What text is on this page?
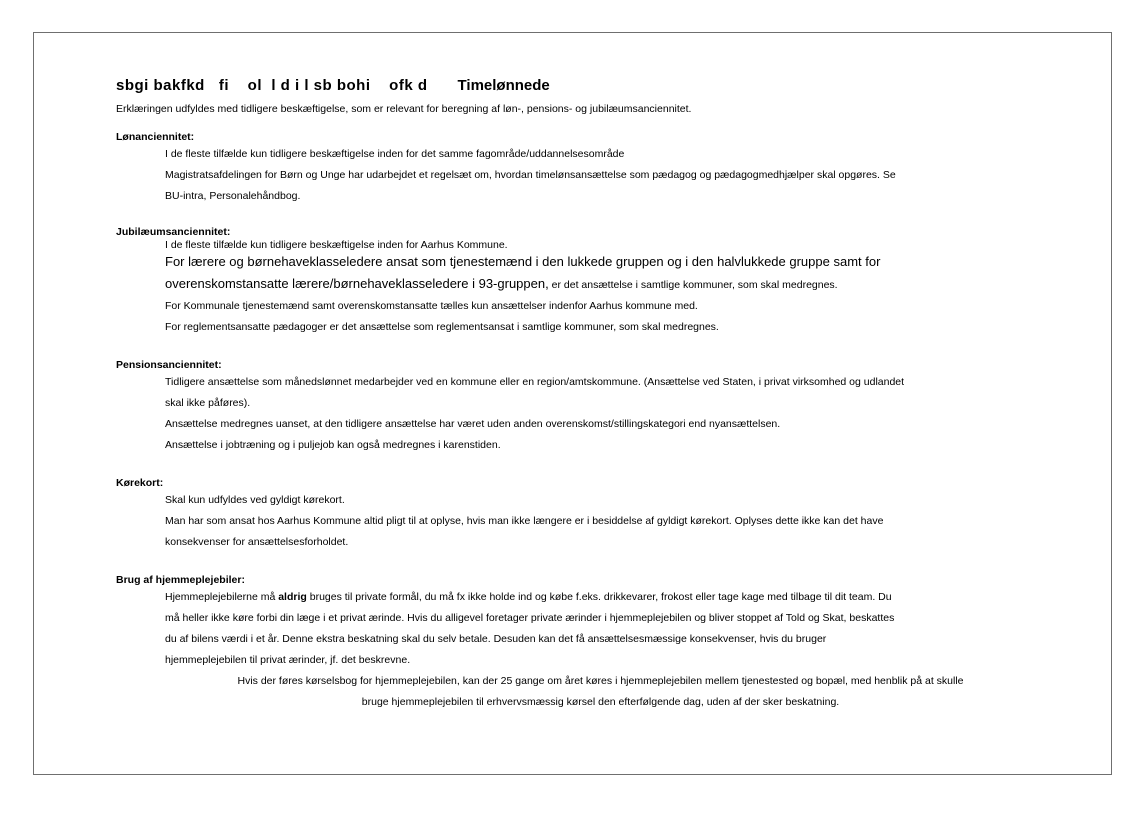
sbgi bakfkd   fi    ol  l d i l sb bohi    ofk d Timelønnede
Erklæringen udfyldes med tidligere beskæftigelse, som er relevant for beregning af løn-, pensions- og jubilæumsanciennitet.
Lønanciennitet:
I de fleste tilfælde kun tidligere beskæftigelse inden for det samme fagområde/uddannelsesområde
Magistratsafdelingen for Børn og Unge har udarbejdet et regelsæt om, hvordan timelønsansættelse som pædagog og pædagogmedhjælper skal opgøres. Se
BU-intra, Personalehåndbog.
Jubilæumsanciennitet:
I de fleste tilfælde kun tidligere beskæftigelse inden for Aarhus Kommune.
For lærere og børnehaveklasseledere ansat som tjenestemænd i den lukkede gruppen og i den halvlukkede gruppe samt for
overenskomstansatte lærere/børnehaveklasseledere i 93-gruppen, er det ansættelse i samtlige kommuner, som skal medregnes.
For Kommunale tjenestemænd samt overenskomstansatte tælles kun ansættelser indenfor Aarhus kommune med.
For reglementsansatte pædagoger er det ansættelse som reglementsansat i samtlige kommuner, som skal medregnes.
Pensionsanciennitet:
Tidligere ansættelse som månedslønnet medarbejder ved en kommune eller en region/amtskommune. (Ansættelse ved Staten, i privat virksomhed og udlandet
skal ikke påføres).
Ansættelse medregnes uanset, at den tidligere ansættelse har været uden anden overenskomst/stillingskategori end nyansættelsen.
Ansættelse i jobtræning og i puljejob kan også medregnes i karenstiden.
Kørekort:
Skal kun udfyldes ved gyldigt kørekort.
Man har som ansat hos Aarhus Kommune altid pligt til at oplyse, hvis man ikke længere er i besiddelse af gyldigt kørekort. Oplyses dette ikke kan det have
konsekvenser for ansættelsesforholdet.
Brug af hjemmeplejebiler:
Hjemmeplejebilerne må aldrig bruges til private formål, du må fx ikke holde ind og købe f.eks. drikkevarer, frokost eller tage kage med tilbage til dit team. Du
må heller ikke køre forbi din læge i et privat ærinde. Hvis du alligevel foretager private ærinder i hjemmeplejebilen og bliver stoppet af Told og Skat, beskattes
du af bilens værdi i et år. Denne ekstra beskatning skal du selv betale. Desuden kan det få ansættelsesmæssige konsekvenser, hvis du bruger
hjemmeplejebilen til privat ærinder, jf. det beskrevne.
Hvis der føres kørselsbog for hjemmeplejebilen, kan der 25 gange om året køres i hjemmeplejebilen mellem tjenestested og bopæl, med henblik på at skulle
bruge hjemmeplejebilen til erhvervsmæssig kørsel den efterfølgende dag, uden af der sker beskatning.
